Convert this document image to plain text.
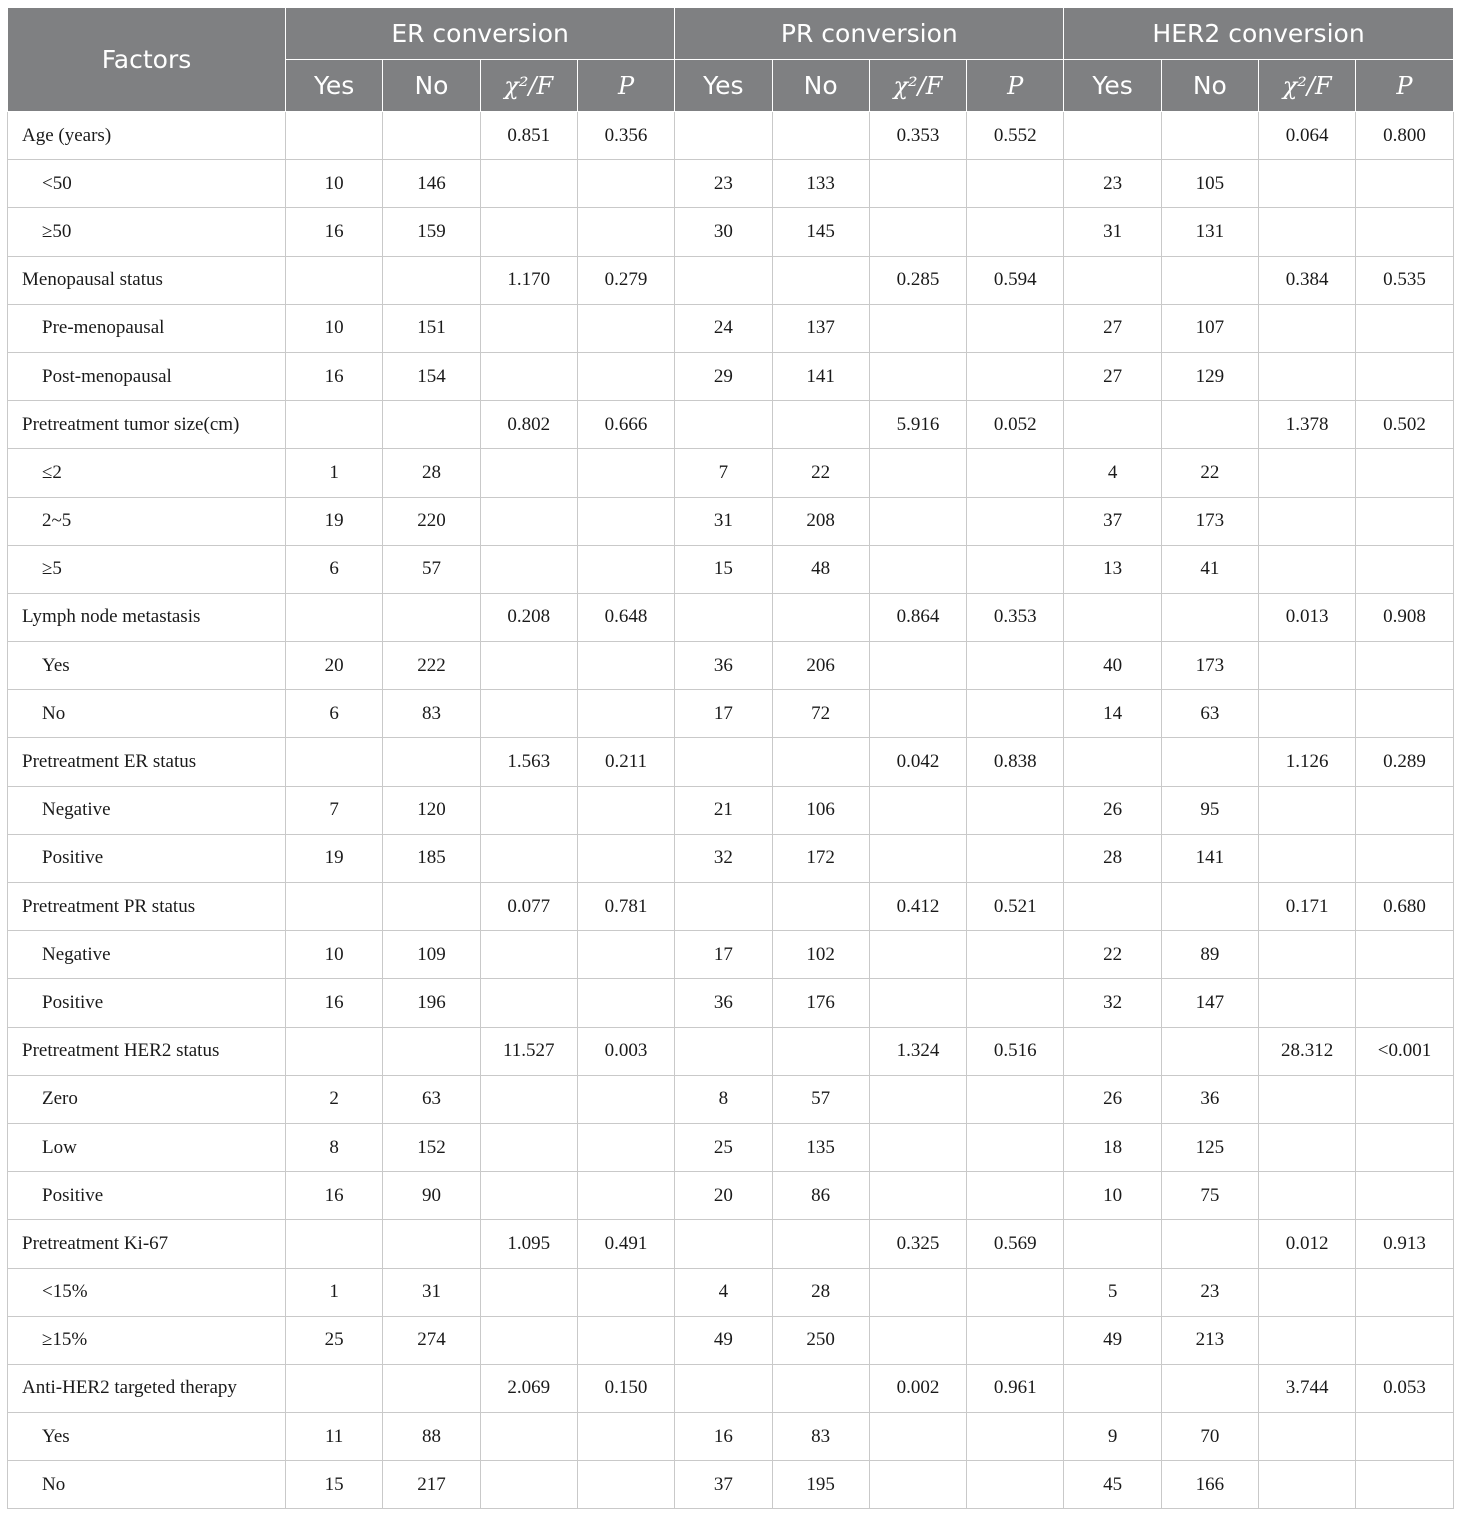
Factors	ER conversion				PR conversion				HER2 conversion			
	Yes	No	χ²/F	P	Yes	No	χ²/F	P	Yes	No	χ²/F	P
Age (years)			0.851	0.356			0.353	0.552			0.064	0.800
<50	10	146			23	133			23	105		
≥50	16	159			30	145			31	131		
Menopausal status			1.170	0.279			0.285	0.594			0.384	0.535
Pre-menopausal	10	151			24	137			27	107		
Post-menopausal	16	154			29	141			27	129		
Pretreatment tumor size(cm)			0.802	0.666			5.916	0.052			1.378	0.502
≤2	1	28			7	22			4	22		
2~5	19	220			31	208			37	173		
≥5	6	57			15	48			13	41		
Lymph node metastasis			0.208	0.648			0.864	0.353			0.013	0.908
Yes	20	222			36	206			40	173		
No	6	83			17	72			14	63		
Pretreatment ER status			1.563	0.211			0.042	0.838			1.126	0.289
Negative	7	120			21	106			26	95		
Positive	19	185			32	172			28	141		
Pretreatment PR status			0.077	0.781			0.412	0.521			0.171	0.680
Negative	10	109			17	102			22	89		
Positive	16	196			36	176			32	147		
Pretreatment HER2 status			11.527	0.003			1.324	0.516			28.312	<0.001
Zero	2	63			8	57			26	36		
Low	8	152			25	135			18	125		
Positive	16	90			20	86			10	75		
Pretreatment Ki-67			1.095	0.491			0.325	0.569			0.012	0.913
<15%	1	31			4	28			5	23		
≥15%	25	274			49	250			49	213		
Anti-HER2 targeted therapy			2.069	0.150			0.002	0.961			3.744	0.053
Yes	11	88			16	83			9	70		
No	15	217			37	195			45	166		
